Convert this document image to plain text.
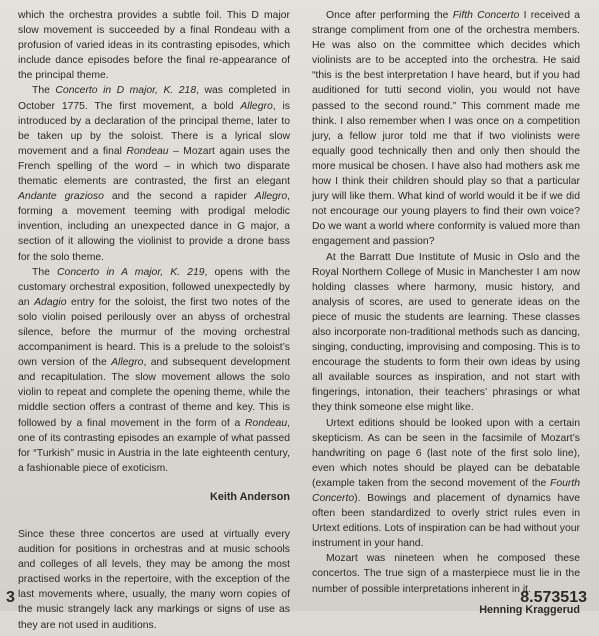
which the orchestra provides a subtle foil. This D major slow movement is succeeded by a final Rondeau with a profusion of varied ideas in its contrasting episodes, which include dance episodes before the final re-appearance of the principal theme.

The Concerto in D major, K. 218, was completed in October 1775. The first movement, a bold Allegro, is introduced by a declaration of the principal theme, later to be taken up by the soloist. There is a lyrical slow movement and a final Rondeau – Mozart again uses the French spelling of the word – in which two disparate thematic elements are contrasted, the first an elegant Andante grazioso and the second a rapider Allegro, forming a movement teeming with prodigal melodic invention, including an unexpected dance in G major, a section of it allowing the violinist to provide a drone bass for the solo theme.

The Concerto in A major, K. 219, opens with the customary orchestral exposition, followed unexpectedly by an Adagio entry for the soloist, the first two notes of the solo violin poised perilously over an abyss of orchestral silence, before the murmur of the moving orchestral accompaniment is heard. This is a prelude to the soloist’s own version of the Allegro, and subsequent development and recapitulation. The slow movement allows the solo violin to repeat and complete the opening theme, while the middle section offers a contrast of theme and key. This is followed by a final movement in the form of a Rondeau, one of its contrasting episodes an example of what passed for “Turkish” music in Austria in the late eighteenth century, a fashionable piece of exoticism.

Keith Anderson

Since these three concertos are used at virtually every audition for positions in orchestras and at music schools and colleges of all levels, they may be among the most practised works in the repertoire, with the exception of the last movements where, usually, the many worn copies of the music strangely lack any markings or signs of use as they are not used in auditions.

Once after performing the Fifth Concerto I received a strange compliment from one of the orchestra members. He was also on the committee which decides which violinists are to be accepted into the orchestra. He said “this is the best interpretation I have heard, but if you had auditioned for tutti second violin, you would not have passed to the second round.” This comment made me think. I also remember when I was once on a competition jury, a fellow juror told me that if two violinists were equally good technically then and only then should the more musical be chosen. I have also had mothers ask me how I think their children should play so that a particular jury will like them. What kind of world would it be if we did not encourage our young players to find their own voice? Do we want a world where conformity is valued more than engagement and passion?

At the Barratt Due Institute of Music in Oslo and the Royal Northern College of Music in Manchester I am now holding classes where harmony, music history, and analysis of scores, are used to generate ideas on the piece of music the students are learning. These classes also incorporate non-traditional methods such as dancing, singing, conducting, improvising and composing. This is to encourage the students to form their own ideas by using all available sources as inspiration, and not start with fingerings, intonation, their teachers’ phrasings or what they think someone else might like.

Urtext editions should be looked upon with a certain skepticism. As can be seen in the facsimile of Mozart’s handwriting on page 6 (last note of the first solo line), even which notes should be played can be debatable (example taken from the second movement of the Fourth Concerto). Bowings and placement of dynamics have often been standardized to overly strict rules even in Urtext editions. Lots of inspiration can be had without your instrument in your hand.

Mozart was nineteen when he composed these concertos. The true sign of a masterpiece must lie in the number of possible interpretations inherent in it.

Henning Kraggerud
3	8.573513
